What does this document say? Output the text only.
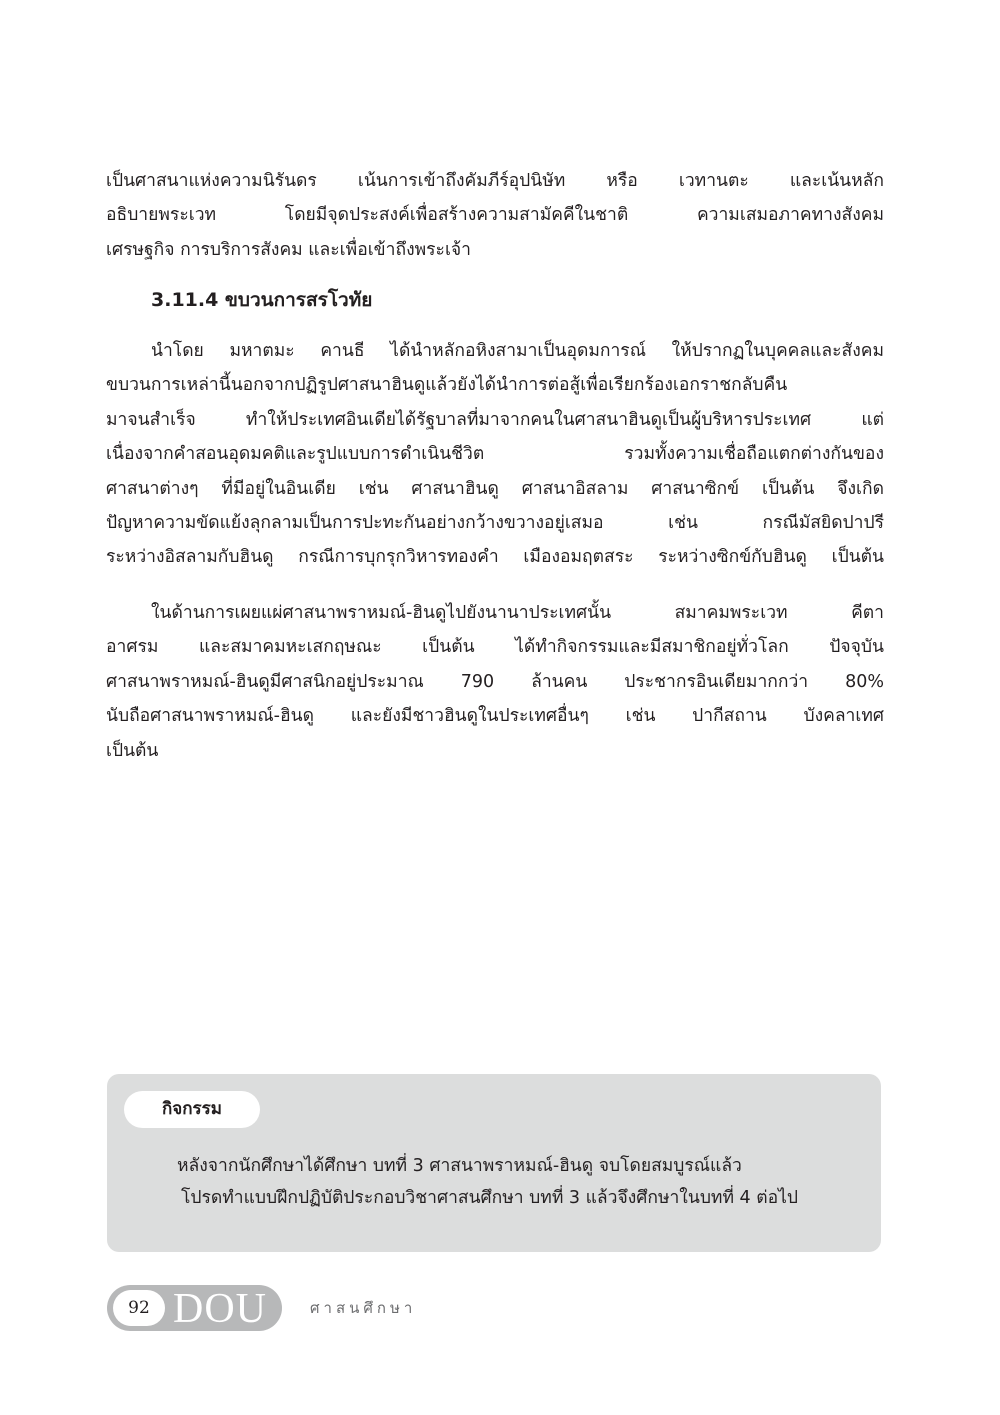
เป็นศาสนาแห่งความนิรันดร เน้นการเข้าถึงคัมภีร์อุปนิษัท หรือ เวทานตะ และเน้นหลัก
อธิบายพระเวท โดยมีจุดประสงค์เพื่อสร้างความสามัคคีในชาติ ความเสมอภาคทางสังคม
เศรษฐกิจ การบริการสังคม และเพื่อเข้าถึงพระเจ้า
3.11.4 ขบวนการสรโวทัย
นำโดย มหาตมะ คานธี ได้นำหลักอหิงสามาเป็นอุดมการณ์ ให้ปรากฏในบุคคลและสังคม
ขบวนการเหล่านี้นอกจากปฏิรูปศาสนาฮินดูแล้วยังได้นำการต่อสู้เพื่อเรียกร้องเอกราชกลับคืน
มาจนสำเร็จ ทำให้ประเทศอินเดียได้รัฐบาลที่มาจากคนในศาสนาฮินดูเป็นผู้บริหารประเทศ แต่
เนื่องจากคำสอนอุดมคติและรูปแบบการดำเนินชีวิต รวมทั้งความเชื่อถือแตกต่างกันของ
ศาสนาต่างๆ ที่มีอยู่ในอินเดีย เช่น ศาสนาฮินดู ศาสนาอิสลาม ศาสนาซิกข์ เป็นต้น จึงเกิด
ปัญหาความขัดแย้งลุกลามเป็นการปะทะกันอย่างกว้างขวางอยู่เสมอ เช่น กรณีมัสยิดปาปรี
ระหว่างอิสลามกับฮินดู กรณีการบุกรุกวิหารทองคำ เมืองอมฤตสระ ระหว่างซิกข์กับฮินดู เป็นต้น
ในด้านการเผยแผ่ศาสนาพราหมณ์-ฮินดูไปยังนานาประเทศนั้น สมาคมพระเวท คีตา
อาศรม และสมาคมหะเสกฤษณะ เป็นต้น ได้ทำกิจกรรมและมีสมาชิกอยู่ทั่วโลก ปัจจุบัน
ศาสนาพราหมณ์-ฮินดูมีศาสนิกอยู่ประมาณ 790 ล้านคน ประชากรอินเดียมากกว่า 80%
นับถือศาสนาพราหมณ์-ฮินดู และยังมีชาวฮินดูในประเทศอื่นๆ เช่น ปากีสถาน บังคลาเทศ
เป็นต้น
กิจกรรม
หลังจากนักศึกษาได้ศึกษา บทที่ 3 ศาสนาพราหมณ์-ฮินดู จบโดยสมบูรณ์แล้ว
โปรดทำแบบฝึกปฏิบัติประกอบวิชาศาสนศึกษา บทที่ 3 แล้วจึงศึกษาในบทที่ 4 ต่อไป
92 DOU	ศาสนศึกษา
